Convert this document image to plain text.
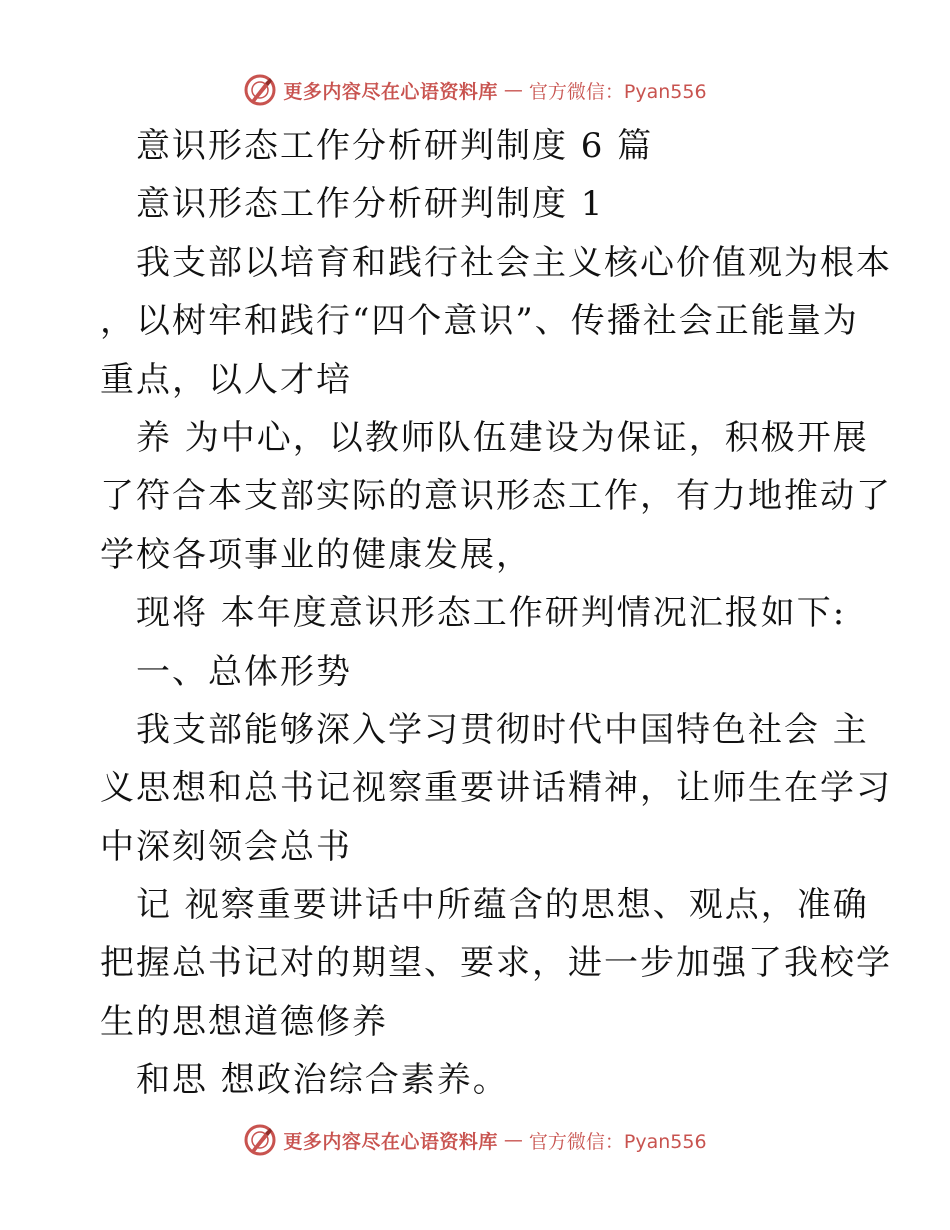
更多内容尽在心语资料库 — 官方微信：Pyan556
意识形态工作分析研判制度 6 篇
意识形态工作分析研判制度 1
我支部以培育和践行社会主义核心价值观为根本
，以树牢和践行“四个意识”、传播社会正能量为
重点，以人才培
养 为中心，以教师队伍建设为保证，积极开展
了符合本支部实际的意识形态工作，有力地推动了
学校各项事业的健康发展，
现将 本年度意识形态工作研判情况汇报如下:
一、总体形势
我支部能够深入学习贯彻时代中国特色社会 主
义思想和总书记视察重要讲话精神，让师生在学习
中深刻领会总书
记 视察重要讲话中所蕴含的思想、观点，准确
把握总书记对的期望、要求，进一步加强了我校学
生的思想道德修养
和思 想政治综合素养。
更多内容尽在心语资料库 — 官方微信：Pyan556
